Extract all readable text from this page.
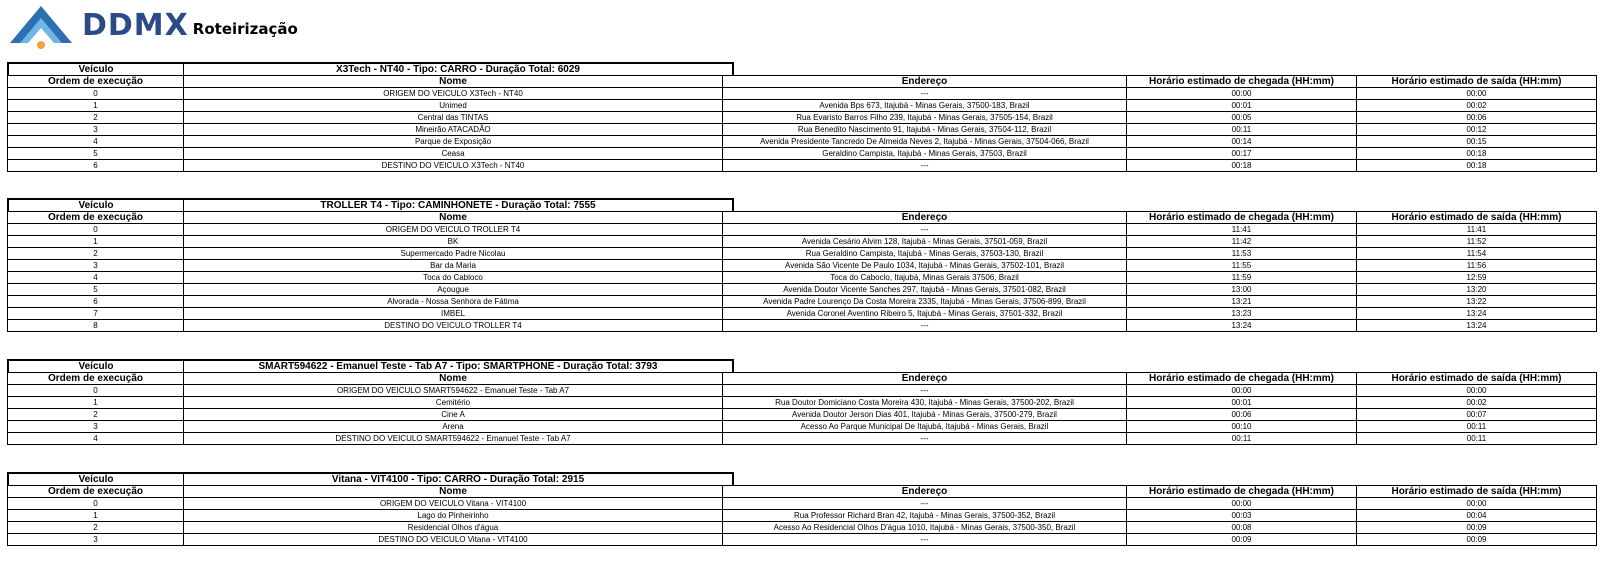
DDMX Roteirização
Veículo	X3Tech - NT40 - Tipo: CARRO - Duração Total: 6029
Ordem de execução	Nome	Endereço	Horário estimado de chegada (HH:mm)	Horário estimado de saída (HH:mm)
0	ORIGEM DO VEICULO X3Tech - NT40	---	00:00	00:00
1	Unimed	Avenida Bps 673, Itajubá - Minas Gerais, 37500-183, Brazil	00:01	00:02
2	Central das TINTAS	Rua Evaristo Barros Filho 239, Itajubá - Minas Gerais, 37505-154, Brazil	00:05	00:06
3	Mineirão ATACADÃO	Rua Benedito Nascimento 91, Itajubá - Minas Gerais, 37504-112, Brazil	00:11	00:12
4	Parque de Exposição	Avenida Presidente Tancredo De Almeida Neves 2, Itajubá - Minas Gerais, 37504-066, Brazil	00:14	00:15
5	Ceasa	Geraldino Campista, Itajubá - Minas Gerais, 37503, Brazil	00:17	00:18
6	DESTINO DO VEICULO X3Tech - NT40	---	00:18	00:18
Veículo	TROLLER T4 - Tipo: CAMINHONETE - Duração Total: 7555
Ordem de execução	Nome	Endereço	Horário estimado de chegada (HH:mm)	Horário estimado de saída (HH:mm)
0	ORIGEM DO VEICULO TROLLER T4	---	11:41	11:41
1	BK	Avenida Cesário Alvim 128, Itajubá - Minas Gerais, 37501-059, Brazil	11:42	11:52
2	Supermercado Padre Nicolau	Rua Geraldino Campista, Itajubá - Minas Gerais, 37503-130, Brazil	11:53	11:54
3	Bar da Maria	Avenida São Vicente De Paulo 1034, Itajubá - Minas Gerais, 37502-101, Brazil	11:55	11:56
4	Toca do Cabloco	Toca do Caboclo, Itajubá, Minas Gerais 37506, Brazil	11:59	12:59
5	Açougue	Avenida Doutor Vicente Sanches 297, Itajubá - Minas Gerais, 37501-082, Brazil	13:00	13:20
6	Alvorada - Nossa Senhora de Fátima	Avenida Padre Lourenço Da Costa Moreira 2335, Itajubá - Minas Gerais, 37506-899, Brazil	13:21	13:22
7	IMBEL	Avenida Coronel Aventino Ribeiro 5, Itajubá - Minas Gerais, 37501-332, Brazil	13:23	13:24
8	DESTINO DO VEICULO TROLLER T4	---	13:24	13:24
Veículo	SMART594622 - Emanuel Teste - Tab A7 - Tipo: SMARTPHONE - Duração Total: 3793
Ordem de execução	Nome	Endereço	Horário estimado de chegada (HH:mm)	Horário estimado de saída (HH:mm)
0	ORIGEM DO VEICULO SMART594622 - Emanuel Teste - Tab A7	---	00:00	00:00
1	Cemitério	Rua Doutor Domiciano Costa Moreira 430, Itajubá - Minas Gerais, 37500-202, Brazil	00:01	00:02
2	Cine A	Avenida Doutor Jerson Dias 401, Itajubá - Minas Gerais, 37500-279, Brazil	00:06	00:07
3	Arena	Acesso Ao Parque Municipal De Itajubá, Itajubá - Minas Gerais, Brazil	00:10	00:11
4	DESTINO DO VEICULO SMART594622 - Emanuel Teste - Tab A7	---	00:11	00:11
Veículo	Vitana - VIT4100 - Tipo: CARRO - Duração Total: 2915
Ordem de execução	Nome	Endereço	Horário estimado de chegada (HH:mm)	Horário estimado de saída (HH:mm)
0	ORIGEM DO VEICULO Vitana - VIT4100	---	00:00	00:00
1	Lago do Pinheirinho	Rua Professor Richard Bran 42, Itajubá - Minas Gerais, 37500-352, Brazil	00:03	00:04
2	Residencial Olhos d'água	Acesso Ao Residencial Olhos D'água 1010, Itajubá - Minas Gerais, 37500-350, Brazil	00:08	00:09
3	DESTINO DO VEICULO Vitana - VIT4100	---	00:09	00:09
